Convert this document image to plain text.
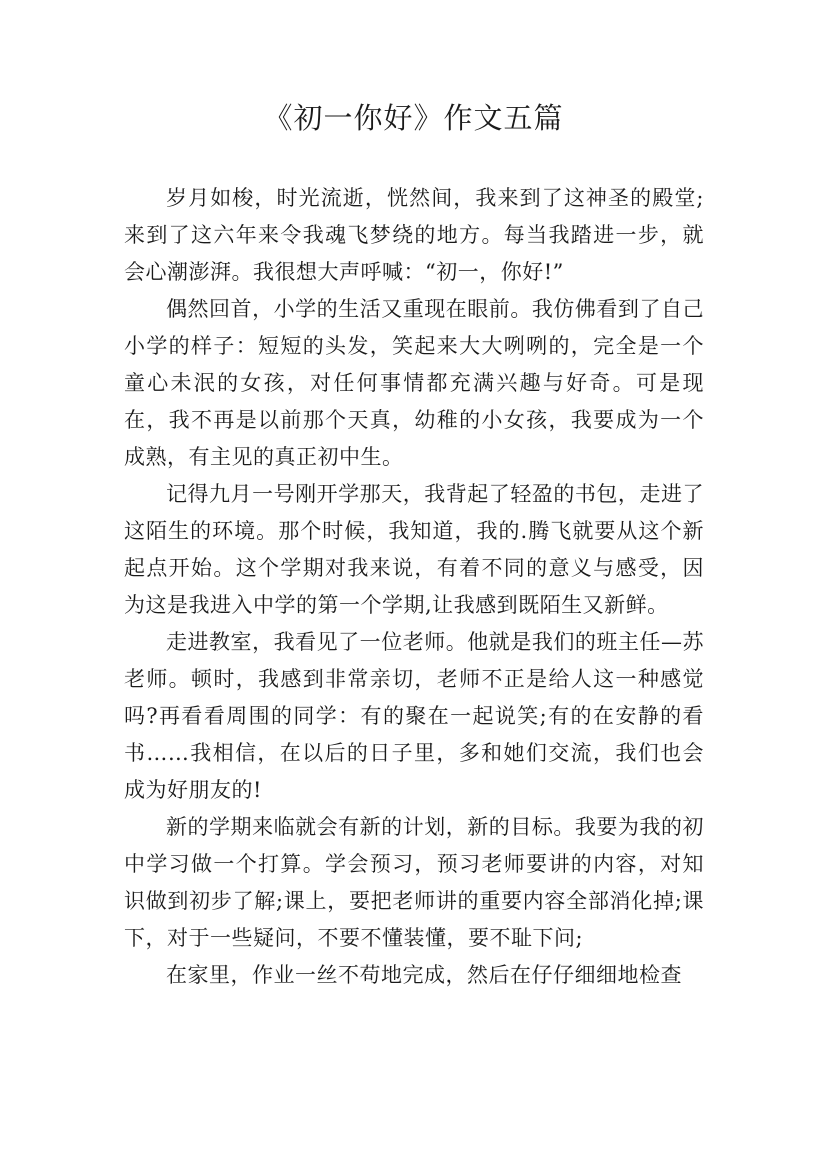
《初一你好》作文五篇

岁月如梭，时光流逝，恍然间，我来到了这神圣的殿堂;来到了这六年来令我魂飞梦绕的地方。每当我踏进一步，就会心潮澎湃。我很想大声呼喊：“初一，你好!”

偶然回首，小学的生活又重现在眼前。我仿佛看到了自己小学的样子：短短的头发，笑起来大大咧咧的，完全是一个童心未泯的女孩，对任何事情都充满兴趣与好奇。可是现在，我不再是以前那个天真，幼稚的小女孩，我要成为一个成熟，有主见的真正初中生。

记得九月一号刚开学那天，我背起了轻盈的书包，走进了这陌生的环境。那个时候，我知道，我的.腾飞就要从这个新起点开始。这个学期对我来说，有着不同的意义与感受，因为这是我进入中学的第一个学期,让我感到既陌生又新鲜。

走进教室，我看见了一位老师。他就是我们的班主任—苏老师。顿时，我感到非常亲切，老师不正是给人这一种感觉吗?再看看周围的同学：有的聚在一起说笑;有的在安静的看书……我相信，在以后的日子里，多和她们交流，我们也会成为好朋友的!

新的学期来临就会有新的计划，新的目标。我要为我的初中学习做一个打算。学会预习，预习老师要讲的内容，对知识做到初步了解;课上，要把老师讲的重要内容全部消化掉;课下，对于一些疑问，不要不懂装懂，要不耻下问;

在家里，作业一丝不苟地完成，然后在仔仔细细地检查
